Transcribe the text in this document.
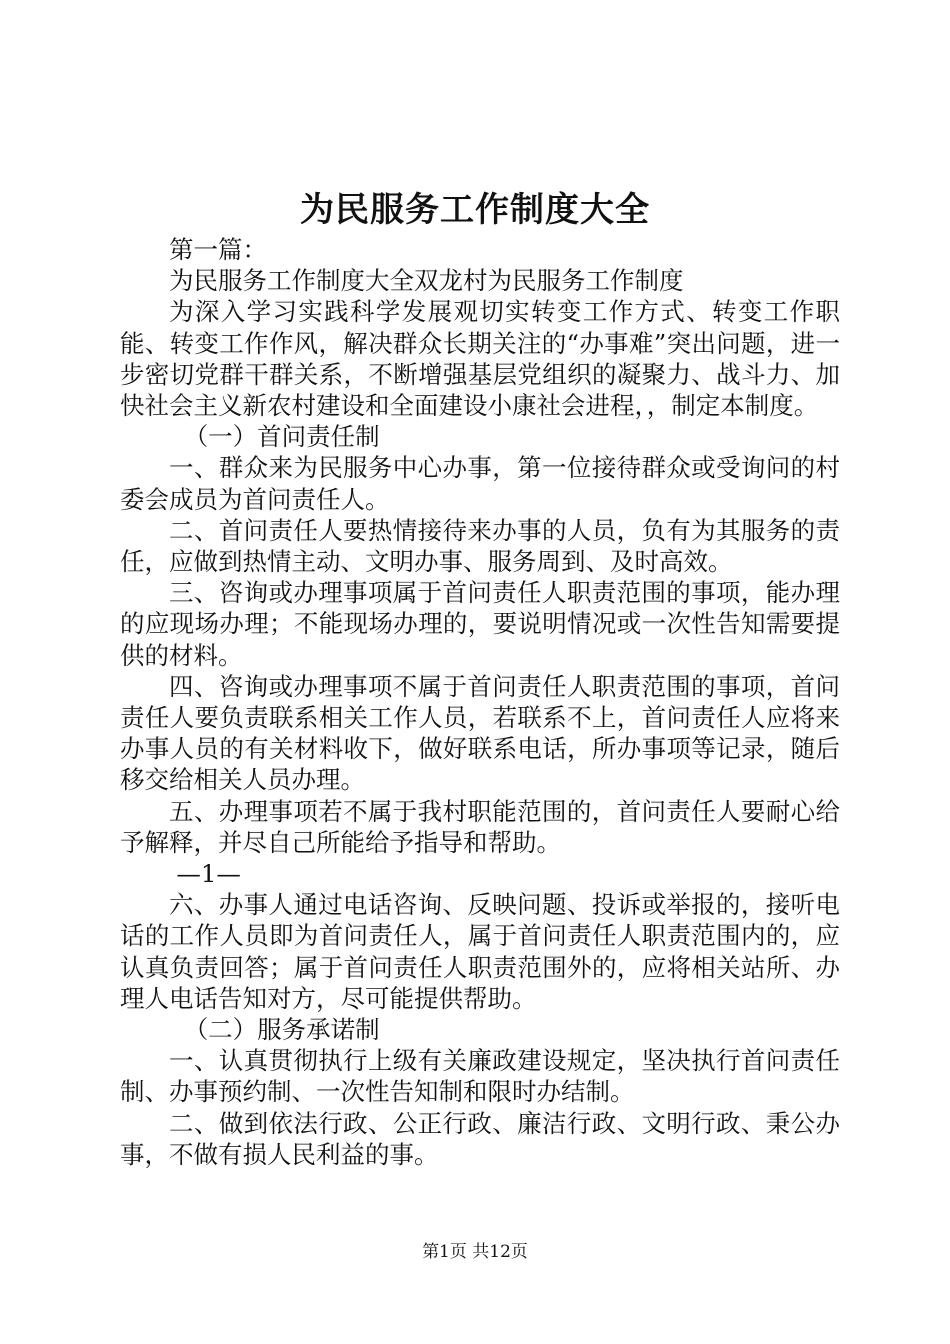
为民服务工作制度大全

第一篇：

为民服务工作制度大全双龙村为民服务工作制度

为深入学习实践科学发展观切实转变工作方式、转变工作职能、转变工作作风，解决群众长期关注的“办事难”突出问题，进一步密切党群干群关系，不断增强基层党组织的凝聚力、战斗力、加快社会主义新农村建设和全面建设小康社会进程，，制定本制度。

（一）首问责任制

一、群众来为民服务中心办事，第一位接待群众或受询问的村委会成员为首问责任人。

二、首问责任人要热情接待来办事的人员，负有为其服务的责任，应做到热情主动、文明办事、服务周到、及时高效。

三、咨询或办理事项属于首问责任人职责范围的事项，能办理的应现场办理；不能现场办理的，要说明情况或一次性告知需要提供的材料。

四、咨询或办理事项不属于首问责任人职责范围的事项，首问责任人要负责联系相关工作人员，若联系不上，首问责任人应将来办事人员的有关材料收下，做好联系电话，所办事项等记录，随后移交给相关人员办理。

五、办理事项若不属于我村职能范围的，首问责任人要耐心给予解释，并尽自己所能给予指导和帮助。

—1—

六、办事人通过电话咨询、反映问题、投诉或举报的，接听电话的工作人员即为首问责任人，属于首问责任人职责范围内的，应认真负责回答；属于首问责任人职责范围外的，应将相关站所、办理人电话告知对方，尽可能提供帮助。

（二）服务承诺制

一、认真贯彻执行上级有关廉政建设规定，坚决执行首问责任制、办事预约制、一次性告知制和限时办结制。

二、做到依法行政、公正行政、廉洁行政、文明行政、秉公办事，不做有损人民利益的事。

第1页 共12页
